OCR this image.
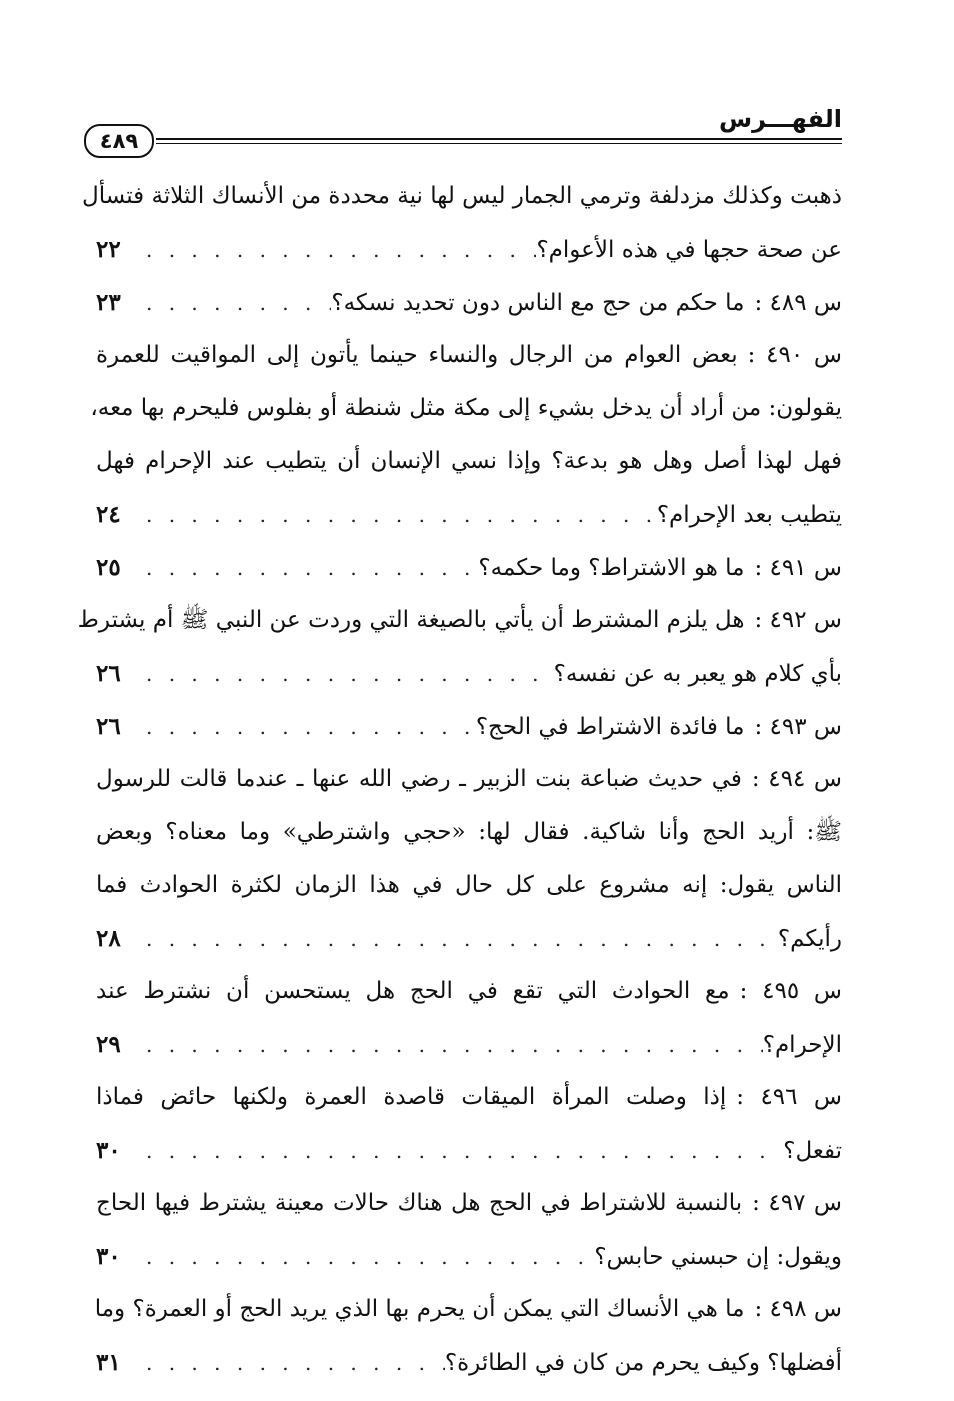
الفهـــرس
٤٨٩
ذهبت وكذلك مزدلفة وترمي الجمار ليس لها نية محددة من الأنساك الثلاثة فتسأل
عن صحة حجها في هذه الأعوام؟
. . .
٢٢
س ٤٨٩ :ما حكم من حج مع الناس دون تحديد نسكه؟
. . .
٢٣
س ٤٩٠ :بعض العوام من الرجال والنساء حينما يأتون إلى المواقيت للعمرة
يقولون: من أراد أن يدخل بشيء إلى مكة مثل شنطة أو بفلوس فليحرم بها معه،
فهل لهذا أصل وهل هو بدعة؟ وإذا نسي الإنسان أن يتطيب عند الإحرام فهل
يتطيب بعد الإحرام؟
. . .
٢٤
س ٤٩١ :ما هو الاشتراط؟ وما حكمه؟
. . .
٢٥
س ٤٩٢ :هل يلزم المشترط أن يأتي بالصيغة التي وردت عن النبي ﷺ أم يشترط
بأي كلام هو يعبر به عن نفسه؟
. . .
٢٦
س ٤٩٣ :ما فائدة الاشتراط في الحج؟
. . .
٢٦
س ٤٩٤ :في حديث ضباعة بنت الزبير ـ رضي الله عنها ـ عندما قالت للرسول
ﷺ: أريد الحج وأنا شاكية. فقال لها: «حجي واشترطي» وما معناه؟ وبعض
الناس يقول: إنه مشروع على كل حال في هذا الزمان لكثرة الحوادث فما
رأيكم؟
. . .
٢٨
س ٤٩٥ :مع الحوادث التي تقع في الحج هل يستحسن أن نشترط عند
الإحرام؟
. . .
٢٩
س ٤٩٦ :إذا وصلت المرأة الميقات قاصدة العمرة ولكنها حائض فماذا
تفعل؟
. . .
٣٠
س ٤٩٧ :بالنسبة للاشتراط في الحج هل هناك حالات معينة يشترط فيها الحاج
ويقول: إن حبسني حابس؟
. . .
٣٠
س ٤٩٨ :ما هي الأنساك التي يمكن أن يحرم بها الذي يريد الحج أو العمرة؟ وما
أفضلها؟ وكيف يحرم من كان في الطائرة؟
. . .
٣١
